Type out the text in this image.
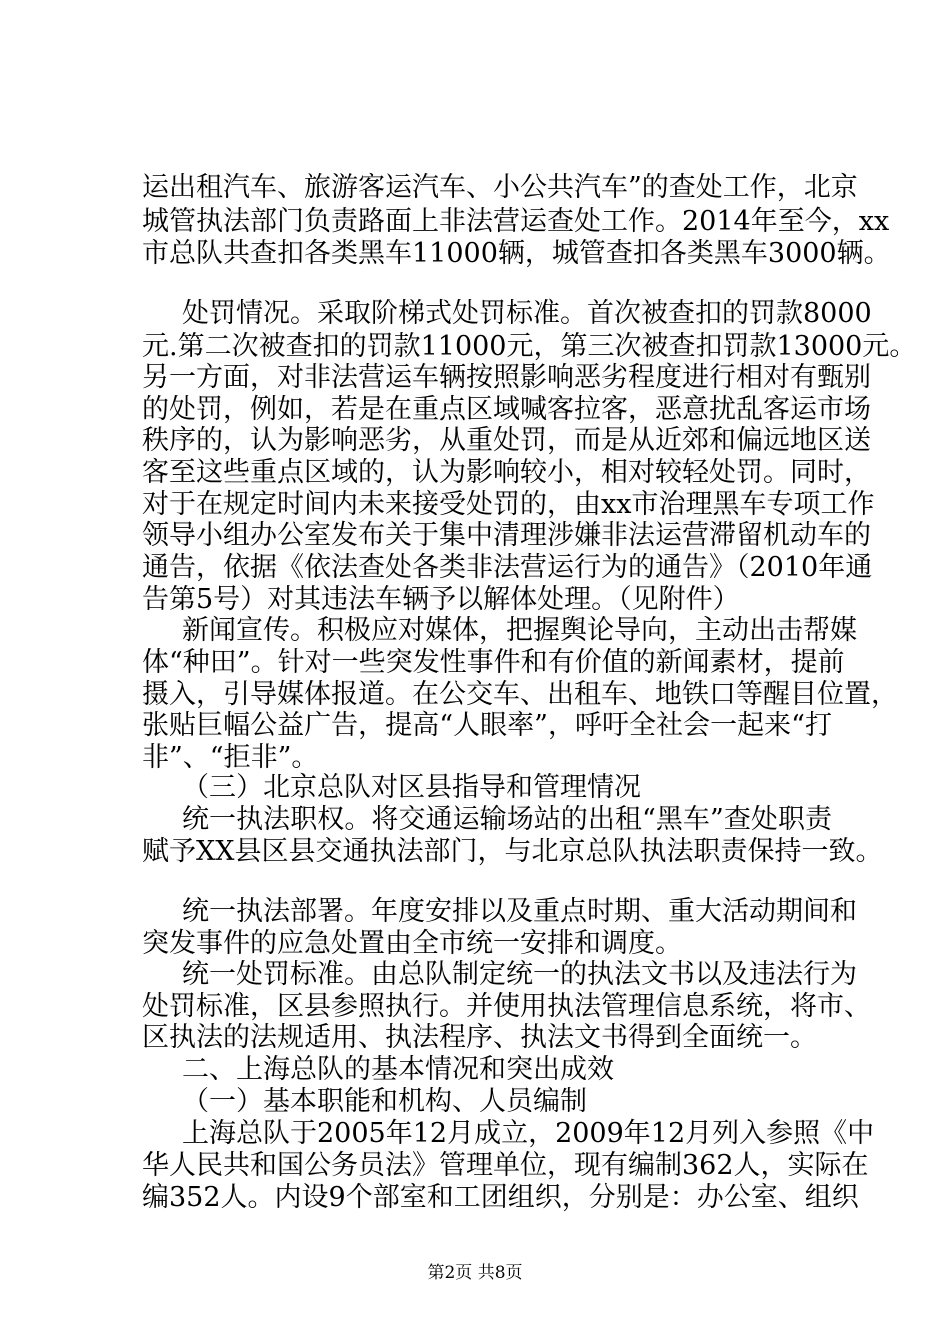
运出租汽车、旅游客运汽车、小公共汽车”的查处工作，北京
城管执法部门负责路面上非法营运查处工作。2014年至今，xx
市总队共查扣各类黑车11000辆，城管查扣各类黑车3000辆。
处罚情况。采取阶梯式处罚标准。首次被查扣的罚款8000
元.第二次被查扣的罚款11000元，第三次被查扣罚款13000元。
另一方面，对非法营运车辆按照影响恶劣程度进行相对有甄别
的处罚，例如，若是在重点区域喊客拉客，恶意扰乱客运市场
秩序的，认为影响恶劣，从重处罚，而是从近郊和偏远地区送
客至这些重点区域的，认为影响较小，相对较轻处罚。同时，
对于在规定时间内未来接受处罚的，由xx市治理黑车专项工作
领导小组办公室发布关于集中清理涉嫌非法运营滞留机动车的
通告，依据《依法查处各类非法营运行为的通告》（2010年通
告第5号）对其违法车辆予以解体处理。（见附件）
新闻宣传。积极应对媒体，把握舆论导向，主动出击帮媒
体“种田”。针对一些突发性事件和有价值的新闻素材，提前
摄入，引导媒体报道。在公交车、出租车、地铁口等醒目位置，
张贴巨幅公益广告，提高“人眼率”，呼吁全社会一起来“打
非”、“拒非”。
（三）北京总队对区县指导和管理情况
统一执法职权。将交通运输场站的出租“黑车”查处职责
赋予XX县区县交通执法部门，与北京总队执法职责保持一致。
统一执法部署。年度安排以及重点时期、重大活动期间和
突发事件的应急处置由全市统一安排和调度。
统一处罚标准。由总队制定统一的执法文书以及违法行为
处罚标准，区县参照执行。并使用执法管理信息系统，将市、
区执法的法规适用、执法程序、执法文书得到全面统一。
二、上海总队的基本情况和突出成效
（一）基本职能和机构、人员编制
上海总队于2005年12月成立，2009年12月列入参照《中
华人民共和国公务员法》管理单位，现有编制362人，实际在
编352人。内设9个部室和工团组织，分别是：办公室、组织
第2页 共8页
